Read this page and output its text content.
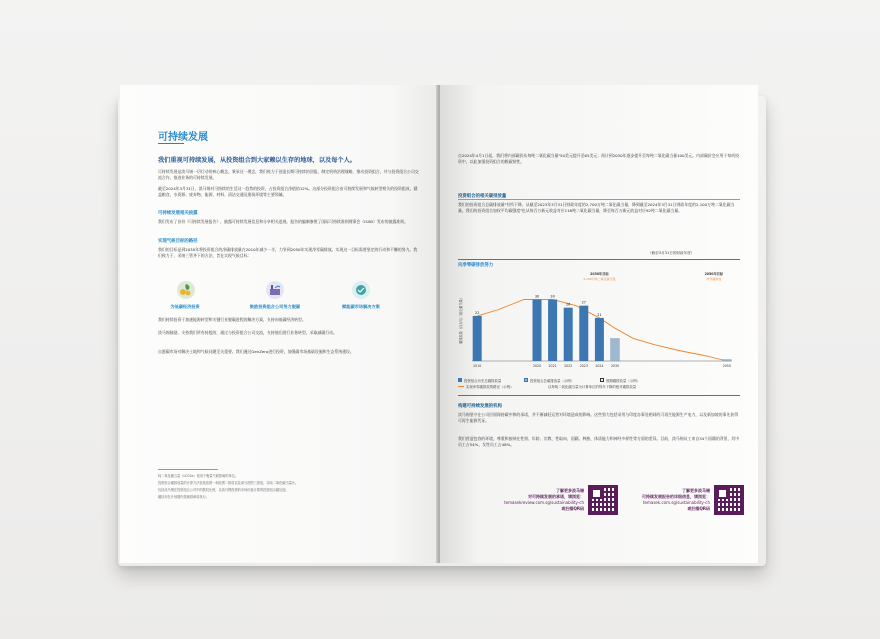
可持续发展
我们重视可持续发展，从投资组合到大家赖以生存的地球，以及每个人。
可持续发展是淡马锡一切行动的核心概念。秉承这一理念，我们致力于创造长期可持续的回报，制定机构治理战略，推动投资组合，并与投资组合公司交流合作，推进业务的可持续发展。
截至2024年3月31日，淡马锡对可持续的生活这一趋势的投资，占投资组合净值的12%。这部分投资组合由可持续发展和气候转型相关的投资组成，涵盖粮食、水资源、废弃物、能源、材料、清洁交通及建筑环境等主要领域。
可持续发展相关披露
我们发布了首份《可持续发展报告》，披露可持续发展信息和分享相关进展。报告的编制参照了国际可持续准则理事会（ISSB）发布的披露准则。
实现气候目标的路径
我们的目标是到2030年将投资组合的净碳排放量在2010年减少一半，力争到2050年实现净零碳排放。实现这一目标需要坚定的行动和不懈的努力。我们致力于，采纳三管齐下的方法，旨在实现气候目标：
为低碳经济投资	鼓励投资组合公司努力脱碳	赋能碳市场解决方案
我们持续投资于加速能源转型和关键行业脱碳进程的解决方案，支持向低碳经济转型。
淡马锡鼓励、支持我们所有持股的，通过与投资组合公司交流，支持他们进行业务转型，采取减碳行动。
自愿碳市场对解决土地和气候问题至关重要。我们通过GenZero进行投资，加强碳市场基础设施和生态系统建设。
吨二氧化碳当量（tCO2e）是用于衡量气候影响的单位。
投资组合碳排放量的计算方法包括范围一和范围二排放以及部分范围三排放，以吨二氧化碳当量计。
包括淡马锡在投资组合公司中的股权比例，以淡马锡投资的市场价值计算的投资组合碳足迹。
碳信用在计划期内按减排承诺执行。
自2024年4月1日起，我们将内部碳价从每吨二氧化碳当量¹50美元提升至65美元；预计到2030年逐步提升至每吨二氧化碳当量100美元。内部碳价会应用于每项投资中，以此加强投资组合的脱碳韧性。
投资组合的相关碳排放量
我们的投资组合总碳排放量²有所下降，从截至2023年3月31日财政年度的2,700万吨二氧化碳当量，降到截至2024年3月31日财政年度的2,100万吨二氧化碳当量。我们的投资组合加权平均碳强度³也从每百万新元收益对应116吨二氧化碳当量，降至每百万新元收益对应92吨二氧化碳当量。
（截至3月31日的财政年度）
向净零碳排放努力
碳排放量（百万吨二氧化碳当量）	22
2010
30
2020
30
2021
26
2022
27
2023
21
2024 2030	2050
2030年目标
1,100万吨二氧化碳当量
2050年目标
净零碳排放
投资组合历史总碳排放量	投资组合总碳排放量（示例）	预期碳排放量（示例）
实现净零碳排放的路径（示例）	以每吨二氧化碳当量为计算单位的每年下降的绝对碳排放量
构建可持续发展的机构
淡马锡坚守在公司层面保持碳中和的承诺，并不断减轻运营对环境造成的影响。这些努力包括采用与印度办事处相同的可再生能源生产电力，以及新加坡的事先获得可再生能源凭证。
我们营造包容的环境，尊重和接纳在性别、年龄、宗教、性取向、国籍、种族、体质能力和神经多样性等方面的差异。目前，淡马锡员工来自34个国籍的背景，其中员工占54%，女性员工占48%。
了解更多淡马锡
对可持续发展的承诺，请浏览：
temasekreview.com.sg/sustainability-ch
或扫描QR码
了解更多淡马锡
可持续发展报告的详细信息，请浏览：
temasek.com.sg/sustainability-ch
或扫描QR码
